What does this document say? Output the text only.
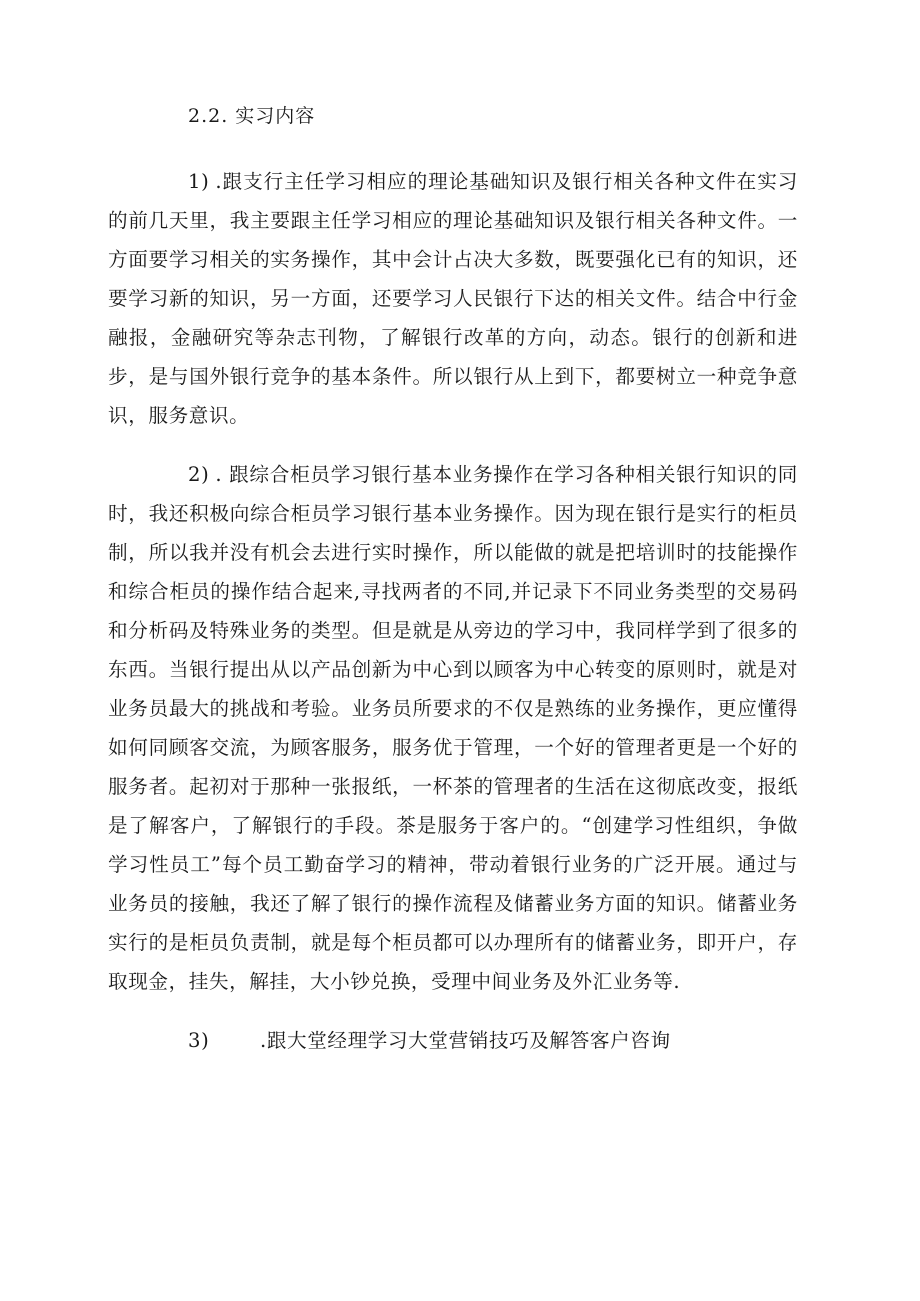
2.2. 实习内容

1) .跟支行主任学习相应的理论基础知识及银行相关各种文件在实习的前几天里，我主要跟主任学习相应的理论基础知识及银行相关各种文件。一方面要学习相关的实务操作，其中会计占决大多数，既要强化已有的知识，还要学习新的知识，另一方面，还要学习人民银行下达的相关文件。结合中行金融报，金融研究等杂志刊物，了解银行改革的方向，动态。银行的创新和进步，是与国外银行竞争的基本条件。所以银行从上到下，都要树立一种竞争意识，服务意识。

2) . 跟综合柜员学习银行基本业务操作在学习各种相关银行知识的同时，我还积极向综合柜员学习银行基本业务操作。因为现在银行是实行的柜员制，所以我并没有机会去进行实时操作，所以能做的就是把培训时的技能操作和综合柜员的操作结合起来,寻找两者的不同,并记录下不同业务类型的交易码和分析码及特殊业务的类型。但是就是从旁边的学习中，我同样学到了很多的东西。当银行提出从以产品创新为中心到以顾客为中心转变的原则时，就是对业务员最大的挑战和考验。业务员所要求的不仅是熟练的业务操作，更应懂得如何同顾客交流，为顾客服务，服务优于管理，一个好的管理者更是一个好的服务者。起初对于那种一张报纸，一杯茶的管理者的生活在这彻底改变，报纸是了解客户，了解银行的手段。茶是服务于客户的。“创建学习性组织，争做学习性员工”每个员工勤奋学习的精神，带动着银行业务的广泛开展。通过与业务员的接触，我还了解了银行的操作流程及储蓄业务方面的知识。储蓄业务实行的是柜员负责制，就是每个柜员都可以办理所有的储蓄业务，即开户，存取现金，挂失，解挂，大小钞兑换，受理中间业务及外汇业务等.

3)	.跟大堂经理学习大堂营销技巧及解答客户咨询
